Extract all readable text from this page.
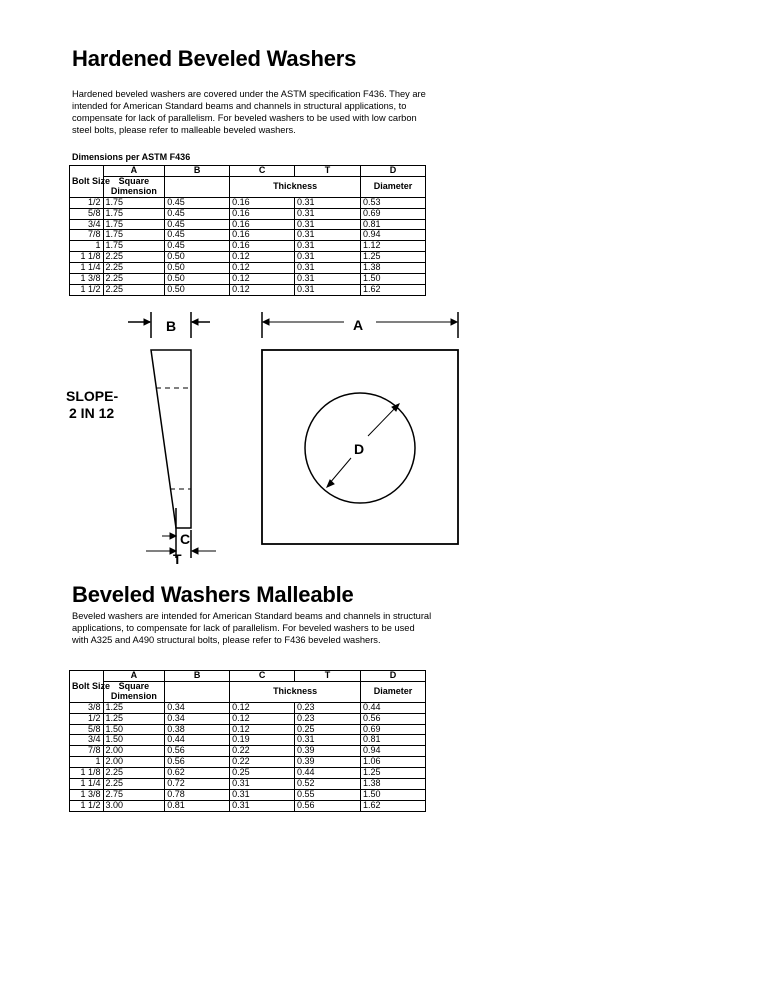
Hardened Beveled Washers
Hardened beveled washers are covered under the ASTM specification F436. They are intended for American Standard beams and channels in structural applications, to compensate for lack of parallelism. For beveled washers to be used with low carbon steel bolts, please refer to malleable beveled washers.
Dimensions per ASTM F436
	A	B	C	T	D
Bolt Size	Square		Thickness		Diameter
	Dimension				
1/2	1.75	0.45	0.16	0.31	0.53
5/8	1.75	0.45	0.16	0.31	0.69
3/4	1.75	0.45	0.16	0.31	0.81
7/8	1.75	0.45	0.16	0.31	0.94
1	1.75	0.45	0.16	0.31	1.12
1 1/8	2.25	0.50	0.12	0.31	1.25
1 1/4	2.25	0.50	0.12	0.31	1.38
1 3/8	2.25	0.50	0.12	0.31	1.50
1 1/2	2.25	0.50	0.12	0.31	1.62
B
SLOPE-
2 IN 12
C
T
A
D
Beveled Washers Malleable
Beveled washers are intended for American Standard beams and channels in structural applications, to compensate for lack of parallelism. For beveled washers to be used with A325 and A490 structural bolts, please refer to F436 beveled washers.
	A	B	C	T	D
Bolt Size	Square		Thickness		Diameter
	Dimension				
3/8	1.25	0.34	0.12	0.23	0.44
1/2	1.25	0.34	0.12	0.23	0.56
5/8	1.50	0.38	0.12	0.25	0.69
3/4	1.50	0.44	0.19	0.31	0.81
7/8	2.00	0.56	0.22	0.39	0.94
1	2.00	0.56	0.22	0.39	1.06
1 1/8	2.25	0.62	0.25	0.44	1.25
1 1/4	2.25	0.72	0.31	0.52	1.38
1 3/8	2.75	0.78	0.31	0.55	1.50
1 1/2	3.00	0.81	0.31	0.56	1.62
